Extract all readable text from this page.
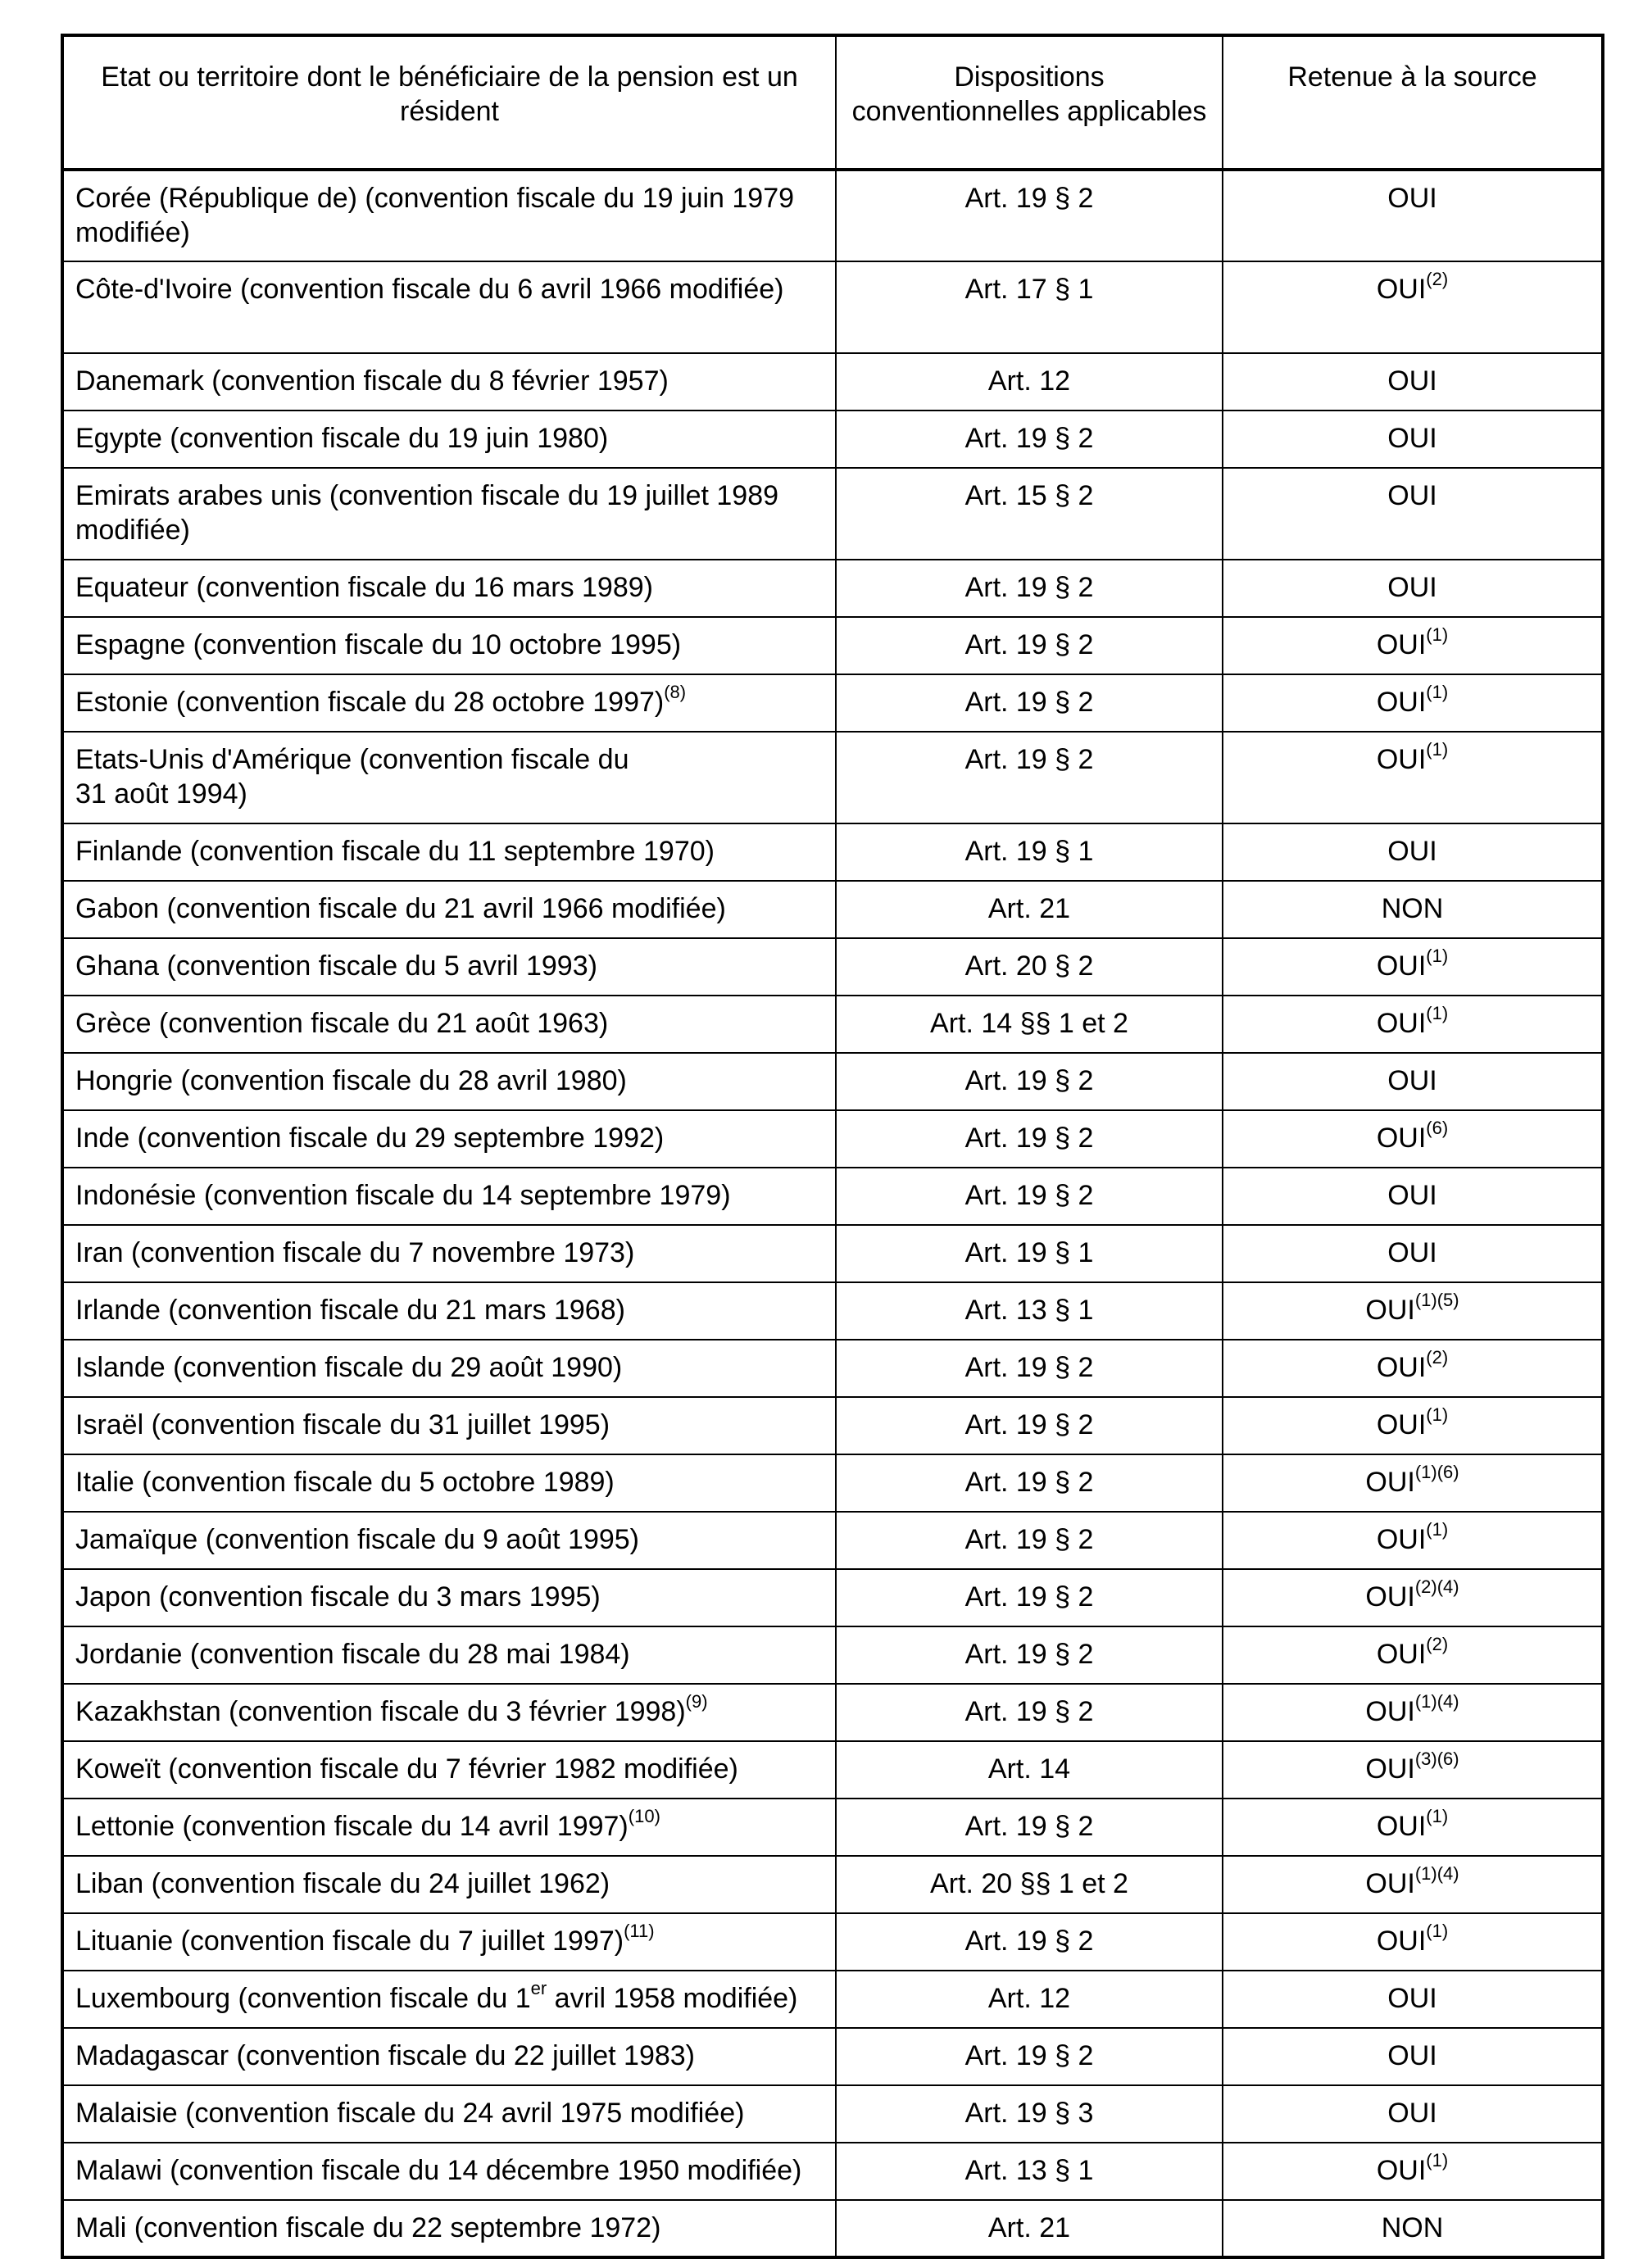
Etat ou territoire dont le bénéficiaire de la pension est un résident	Dispositions conventionnelles applicables	Retenue à la source
Corée (République de) (convention fiscale du 19 juin 1979 modifiée)	Art. 19 § 2	OUI
Côte-d'Ivoire (convention fiscale du 6 avril 1966 modifiée)	Art. 17 § 1	OUI$^{(2)}$
Danemark (convention fiscale du 8 février 1957)	Art. 12	OUI
Egypte (convention fiscale du 19 juin 1980)	Art. 19 § 2	OUI
Emirats arabes unis (convention fiscale du 19 juillet 1989 modifiée)	Art. 15 § 2	OUI
Equateur (convention fiscale du 16 mars 1989)	Art. 19 § 2	OUI
Espagne (convention fiscale du 10 octobre 1995)	Art. 19 § 2	OUI$^{(1)}$
Estonie (convention fiscale du 28 octobre 1997)$^{(8)}$	Art. 19 § 2	OUI$^{(1)}$
Etats-Unis d'Amérique (convention fiscale du
31 août 1994)	Art. 19 § 2	OUI$^{(1)}$
Finlande (convention fiscale du 11 septembre 1970)	Art. 19 § 1	OUI
Gabon (convention fiscale du 21 avril 1966 modifiée)	Art. 21	NON
Ghana (convention fiscale du 5 avril 1993)	Art. 20 § 2	OUI$^{(1)}$
Grèce (convention fiscale du 21 août 1963)	Art. 14 §§ 1 et 2	OUI$^{(1)}$
Hongrie (convention fiscale du 28 avril 1980)	Art. 19 § 2	OUI
Inde (convention fiscale du 29 septembre 1992)	Art. 19 § 2	OUI$^{(6)}$
Indonésie (convention fiscale du 14 septembre 1979)	Art. 19 § 2	OUI
Iran (convention fiscale du 7 novembre 1973)	Art. 19 § 1	OUI
Irlande (convention fiscale du 21 mars 1968)	Art. 13 § 1	$OUI^{(1)(5)}$
Islande (convention fiscale du 29 août 1990)	Art. 19 § 2	OUI$^{(2)}$
Israël (convention fiscale du 31 juillet 1995)	Art. 19 § 2	OUI$^{(1)}$
Italie (convention fiscale du 5 octobre 1989)	Art. 19 § 2	$OUI^{(1)(6)}$
Jamaïque (convention fiscale du 9 août 1995)	Art. 19 § 2	OUI$^{(1)}$
Japon (convention fiscale du 3 mars 1995)	Art. 19 § 2	$OUI^{(2)(4)}$
Jordanie (convention fiscale du 28 mai 1984)	Art. 19 § 2	OUI$^{(2)}$
Kazakhstan (convention fiscale du 3 février 1998)$^{(9)}$	Art. 19 § 2	$OUI^{(1)(4)}$
Koweït (convention fiscale du 7 février 1982 modifiée)	Art. 14	$OUI^{(3)(6)}$
Lettonie (convention fiscale du 14 avril 1997)$^{(10)}$	Art. 19 § 2	OUI$^{(1)}$
Liban (convention fiscale du 24 juillet 1962)	Art. 20 §§ 1 et 2	$OUI^{(1)(4)}$
Lituanie (convention fiscale du 7 juillet 1997)$^{(11)}$	Art. 19 § 2	OUI$^{(1)}$
Luxembourg (convention fiscale du 1er avril 1958 modifiée)	Art. 12	OUI
Madagascar (convention fiscale du 22 juillet 1983)	Art. 19 § 2	OUI
Malaisie (convention fiscale du 24 avril 1975 modifiée)	Art. 19 § 3	OUI
Malawi (convention fiscale du 14 décembre 1950 modifiée)	Art. 13 § 1	OUI$^{(1)}$
Mali (convention fiscale du 22 septembre 1972)	Art. 21	NON
